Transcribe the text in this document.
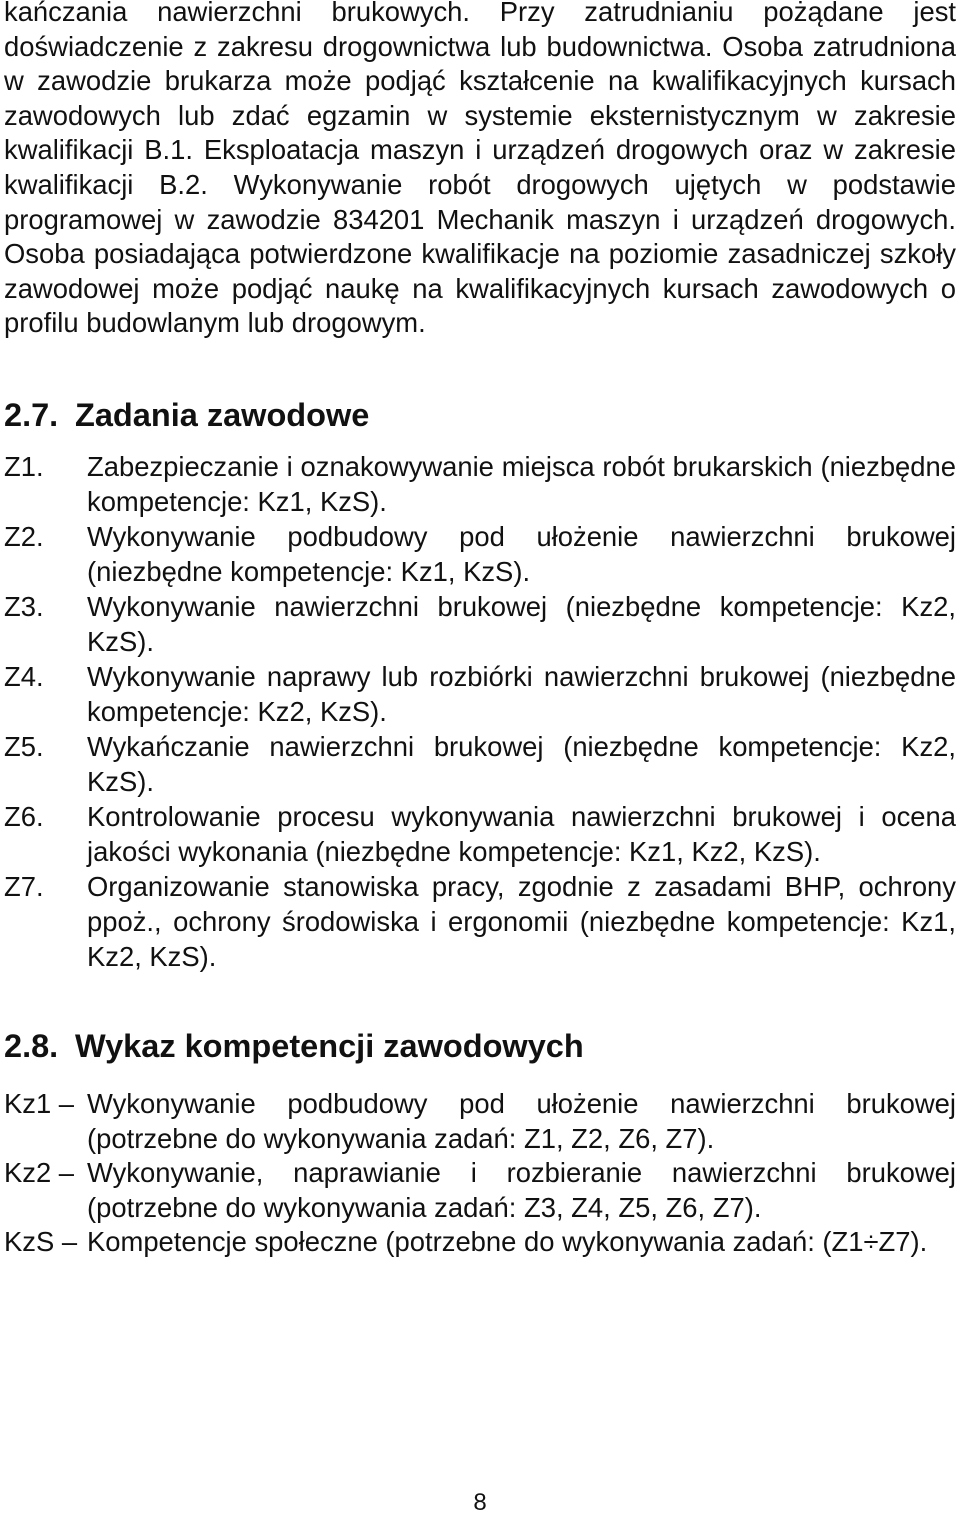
kańczania nawierzchni brukowych. Przy zatrudnianiu pożądane jest doświadczenie z zakresu drogownictwa lub budownictwa. Osoba zatrudniona w zawodzie brukarza może podjąć kształcenie na kwalifikacyjnych kursach zawodowych lub zdać egzamin w systemie eksternistycznym w zakresie kwalifikacji B.1. Eksploatacja maszyn i urządzeń drogowych oraz w zakresie kwalifikacji B.2. Wykonywanie robót drogowych ujętych w podstawie programowej w zawodzie 834201 Mechanik maszyn i urządzeń drogowych. Osoba posiadająca potwierdzone kwalifikacje na poziomie zasadniczej szkoły zawodowej może podjąć naukę na kwalifikacyjnych kursach zawodowych o profilu budowlanym lub drogowym.

2.7. Zadania zawodowe
Z1.	Zabezpieczanie i oznakowywanie miejsca robót brukarskich (niezbędne kompetencje: Kz1, KzS).
Z2.	Wykonywanie podbudowy pod ułożenie nawierzchni brukowej (niezbędne kompetencje: Kz1, KzS).
Z3.	Wykonywanie nawierzchni brukowej (niezbędne kompetencje: Kz2, KzS).
Z4.	Wykonywanie naprawy lub rozbiórki nawierzchni brukowej (niezbędne kompetencje: Kz2, KzS).
Z5.	Wykańczanie nawierzchni brukowej (niezbędne kompetencje: Kz2, KzS).
Z6.	Kontrolowanie procesu wykonywania nawierzchni brukowej i ocena jakości wykonania (niezbędne kompetencje: Kz1, Kz2, KzS).
Z7.	Organizowanie stanowiska pracy, zgodnie z zasadami BHP, ochrony ppoż., ochrony środowiska i ergonomii (niezbędne kompetencje: Kz1, Kz2, KzS).
2.8. Wykaz kompetencji zawodowych
Kz1 – Wykonywanie podbudowy pod ułożenie nawierzchni brukowej (potrzebne do wykonywania zadań: Z1, Z2, Z6, Z7).
Kz2 – Wykonywanie, naprawianie i rozbieranie nawierzchni brukowej (potrzebne do wykonywania zadań: Z3, Z4, Z5, Z6, Z7).
KzS – Kompetencje społeczne (potrzebne do wykonywania zadań: (Z1÷Z7).
8
